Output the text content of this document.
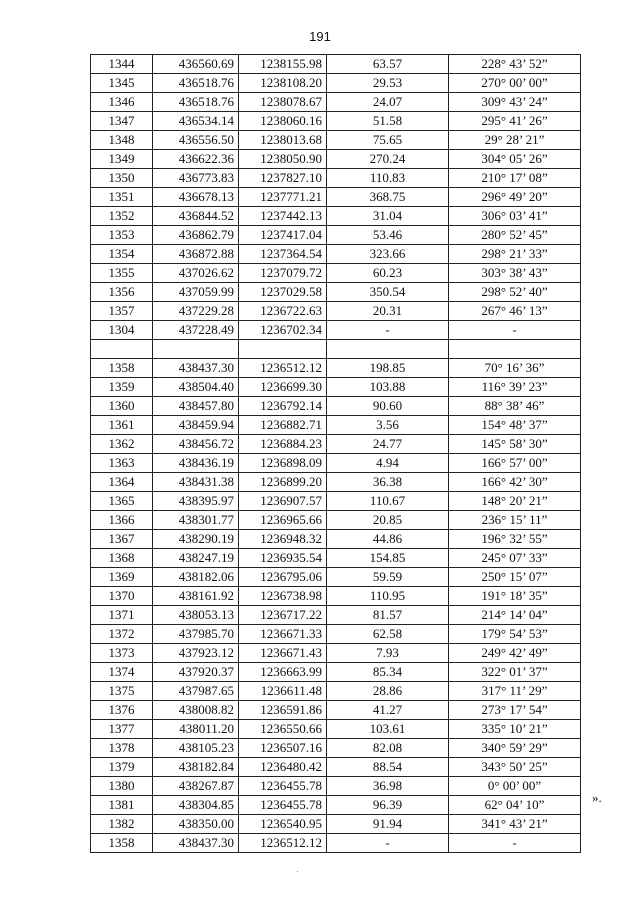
191
1344	436560.69	1238155.98	63.57	228° 43’ 52”
1345	436518.76	1238108.20	29.53	270° 00’ 00”
1346	436518.76	1238078.67	24.07	309° 43’ 24”
1347	436534.14	1238060.16	51.58	295° 41’ 26”
1348	436556.50	1238013.68	75.65	29° 28’ 21”
1349	436622.36	1238050.90	270.24	304° 05’ 26”
1350	436773.83	1237827.10	110.83	210° 17’ 08”
1351	436678.13	1237771.21	368.75	296° 49’ 20”
1352	436844.52	1237442.13	31.04	306° 03’ 41”
1353	436862.79	1237417.04	53.46	280° 52’ 45”
1354	436872.88	1237364.54	323.66	298° 21’ 33”
1355	437026.62	1237079.72	60.23	303° 38’ 43”
1356	437059.99	1237029.58	350.54	298° 52’ 40”
1357	437229.28	1236722.63	20.31	267° 46’ 13”
1304	437228.49	1236702.34	-	-

1358	438437.30	1236512.12	198.85	70° 16’ 36”
1359	438504.40	1236699.30	103.88	116° 39’ 23”
1360	438457.80	1236792.14	90.60	88° 38’ 46”
1361	438459.94	1236882.71	3.56	154° 48’ 37”
1362	438456.72	1236884.23	24.77	145° 58’ 30”
1363	438436.19	1236898.09	4.94	166° 57’ 00”
1364	438431.38	1236899.20	36.38	166° 42’ 30”
1365	438395.97	1236907.57	110.67	148° 20’ 21”
1366	438301.77	1236965.66	20.85	236° 15’ 11”
1367	438290.19	1236948.32	44.86	196° 32’ 55”
1368	438247.19	1236935.54	154.85	245° 07’ 33”
1369	438182.06	1236795.06	59.59	250° 15’ 07”
1370	438161.92	1236738.98	110.95	191° 18’ 35”
1371	438053.13	1236717.22	81.57	214° 14’ 04”
1372	437985.70	1236671.33	62.58	179° 54’ 53”
1373	437923.12	1236671.43	7.93	249° 42’ 49”
1374	437920.37	1236663.99	85.34	322° 01’ 37”
1375	437987.65	1236611.48	28.86	317° 11’ 29”
1376	438008.82	1236591.86	41.27	273° 17’ 54”
1377	438011.20	1236550.66	103.61	335° 10’ 21”
1378	438105.23	1236507.16	82.08	340° 59’ 29”
1379	438182.84	1236480.42	88.54	343° 50’ 25”
1380	438267.87	1236455.78	36.98	0° 00’ 00”
1381	438304.85	1236455.78	96.39	62° 04’ 10”
1382	438350.00	1236540.95	91.94	341° 43’ 21”
1358	438437.30	1236512.12	-	-
».
·
